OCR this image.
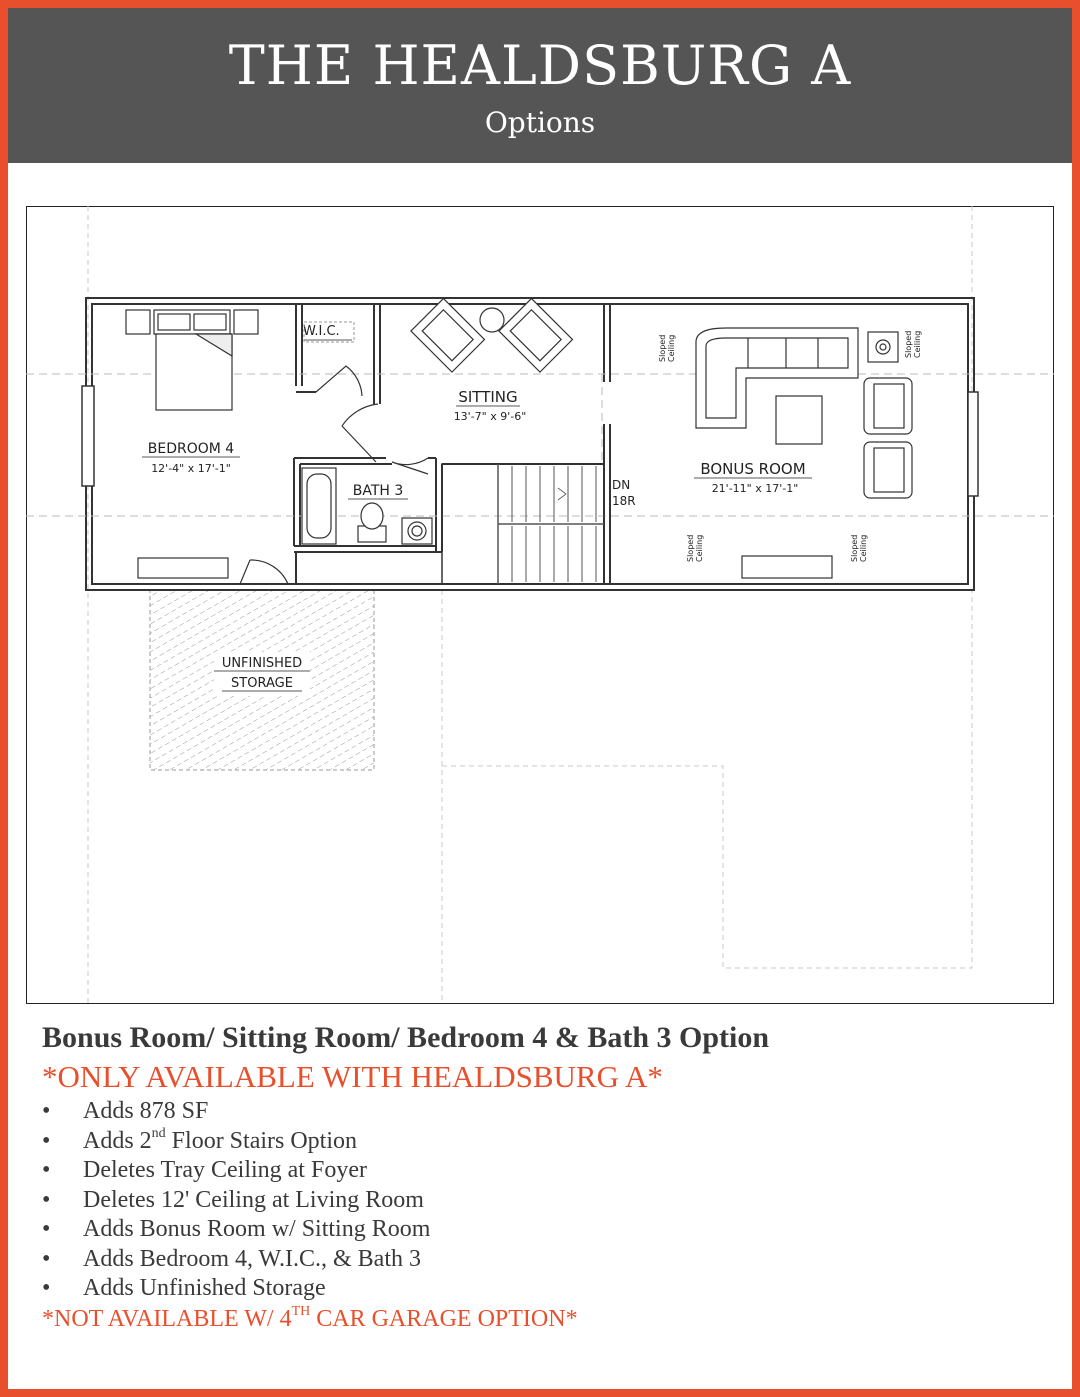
THE HEALDSBURG A
Options
UNFINISHED
STORAGE
DN
18R
W.I.C.
BEDROOM 4
12'-4" x 17'-1"
SITTING
13'-7" x 9'-6"
BATH 3
BONUS ROOM
21'-11" x 17'-1"
Sloped Ceiling	Sloped Ceiling
Sloped Ceiling	Sloped Ceiling
Bonus Room/ Sitting Room/ Bedroom 4 & Bath 3 Option
*ONLY AVAILABLE WITH HEALDSBURG A*
• Adds 878 SF
• Adds 2nd Floor Stairs Option
• Deletes Tray Ceiling at Foyer
• Deletes 12' Ceiling at Living Room
• Adds Bonus Room w/ Sitting Room
• Adds Bedroom 4, W.I.C., & Bath 3
• Adds Unfinished Storage
*NOT AVAILABLE W/ 4TH CAR GARAGE OPTION*
